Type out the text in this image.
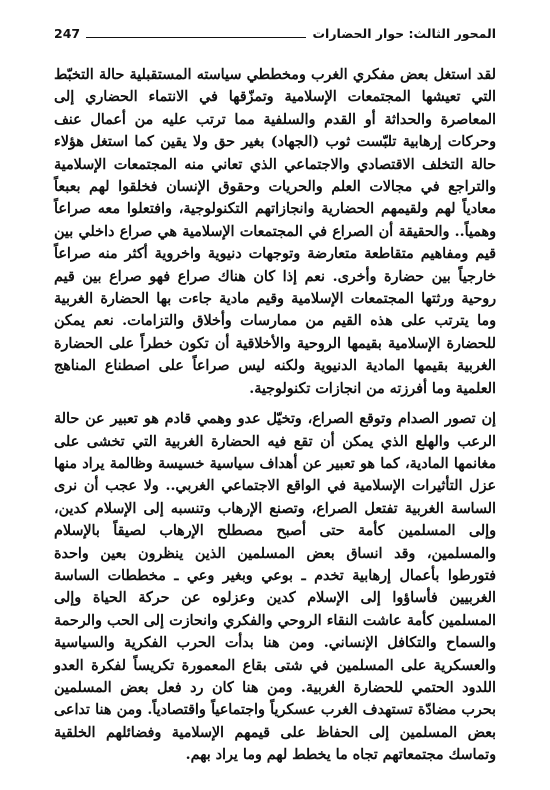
247	المحور الثالث: حوار الحضارات

لقد استغل بعض مفكري الغرب ومخططي سياسته المستقبلية حالة التخبّط التي تعيشها المجتمعات الإسلامية وتمزّقها في الانتماء الحضاري إلى المعاصرة والحداثة أو القدم والسلفية مما ترتب عليه من أعمال عنف وحركات إرهابية تلبّست ثوب (الجهاد) بغير حق ولا يقين كما استغل هؤلاء حالة التخلف الاقتصادي والاجتماعي الذي تعاني منه المجتمعات الإسلامية والتراجع في مجالات العلم والحريات وحقوق الإنسان فخلقوا لهم بعبعاً معادياً لهم ولقيمهم الحضارية وانجازاتهم التكنولوجية، وافتعلوا معه صراعاً وهمياً.. والحقيقة أن الصراع في المجتمعات الإسلامية هي صراع داخلي بين قيم ومفاهيم متقاطعة متعارضة وتوجهات دنيوية واخروية أكثر منه صراعاً خارجياً بين حضارة وأخرى. نعم إذا كان هناك صراع فهو صراع بين قيم روحية ورثتها المجتمعات الإسلامية وقيم مادية جاءت بها الحضارة الغربية وما يترتب على هذه القيم من ممارسات وأخلاق والتزامات. نعم يمكن للحضارة الإسلامية بقيمها الروحية والأخلاقية أن تكون خطراً على الحضارة الغربية بقيمها المادية الدنيوية ولكنه ليس صراعاً على اصطناع المناهج العلمية وما أفرزته من انجازات تكنولوجية.

إن تصور الصدام وتوقع الصراع، وتخيّل عدو وهمي قادم هو تعبير عن حالة الرعب والهلع الذي يمكن أن تقع فيه الحضارة الغربية التي تخشى على مغانمها المادية، كما هو تعبير عن أهداف سياسية خسيسة وظالمة يراد منها عزل التأثيرات الإسلامية في الواقع الاجتماعي الغربي.. ولا عجب أن نرى الساسة الغربية تفتعل الصراع، وتصنع الإرهاب وتنسبه إلى الإسلام كدين، وإلى المسلمين كأمة حتى أصبح مصطلح الإرهاب لصيقاً بالإسلام والمسلمين، وقد انساق بعض المسلمين الذين ينظرون بعين واحدة فتورطوا بأعمال إرهابية تخدم ـ بوعي وبغير وعي ـ مخططات الساسة الغربيين فأساؤوا إلى الإسلام كدين وعزلوه عن حركة الحياة وإلى المسلمين كأمة عاشت النقاء الروحي والفكري وانحازت إلى الحب والرحمة والسماح والتكافل الإنساني. ومن هنا بدأت الحرب الفكرية والسياسية والعسكرية على المسلمين في شتى بقاع المعمورة تكريساً لفكرة العدو اللدود الحتمي للحضارة الغربية. ومن هنا كان رد فعل بعض المسلمين بحرب مضادّة تستهدف الغرب عسكرياً واجتماعياً واقتصادياً. ومن هنا تداعى بعض المسلمين إلى الحفاظ على قيمهم الإسلامية وفضائلهم الخلقية وتماسك مجتمعاتهم تجاه ما يخطط لهم وما يراد بهم.
